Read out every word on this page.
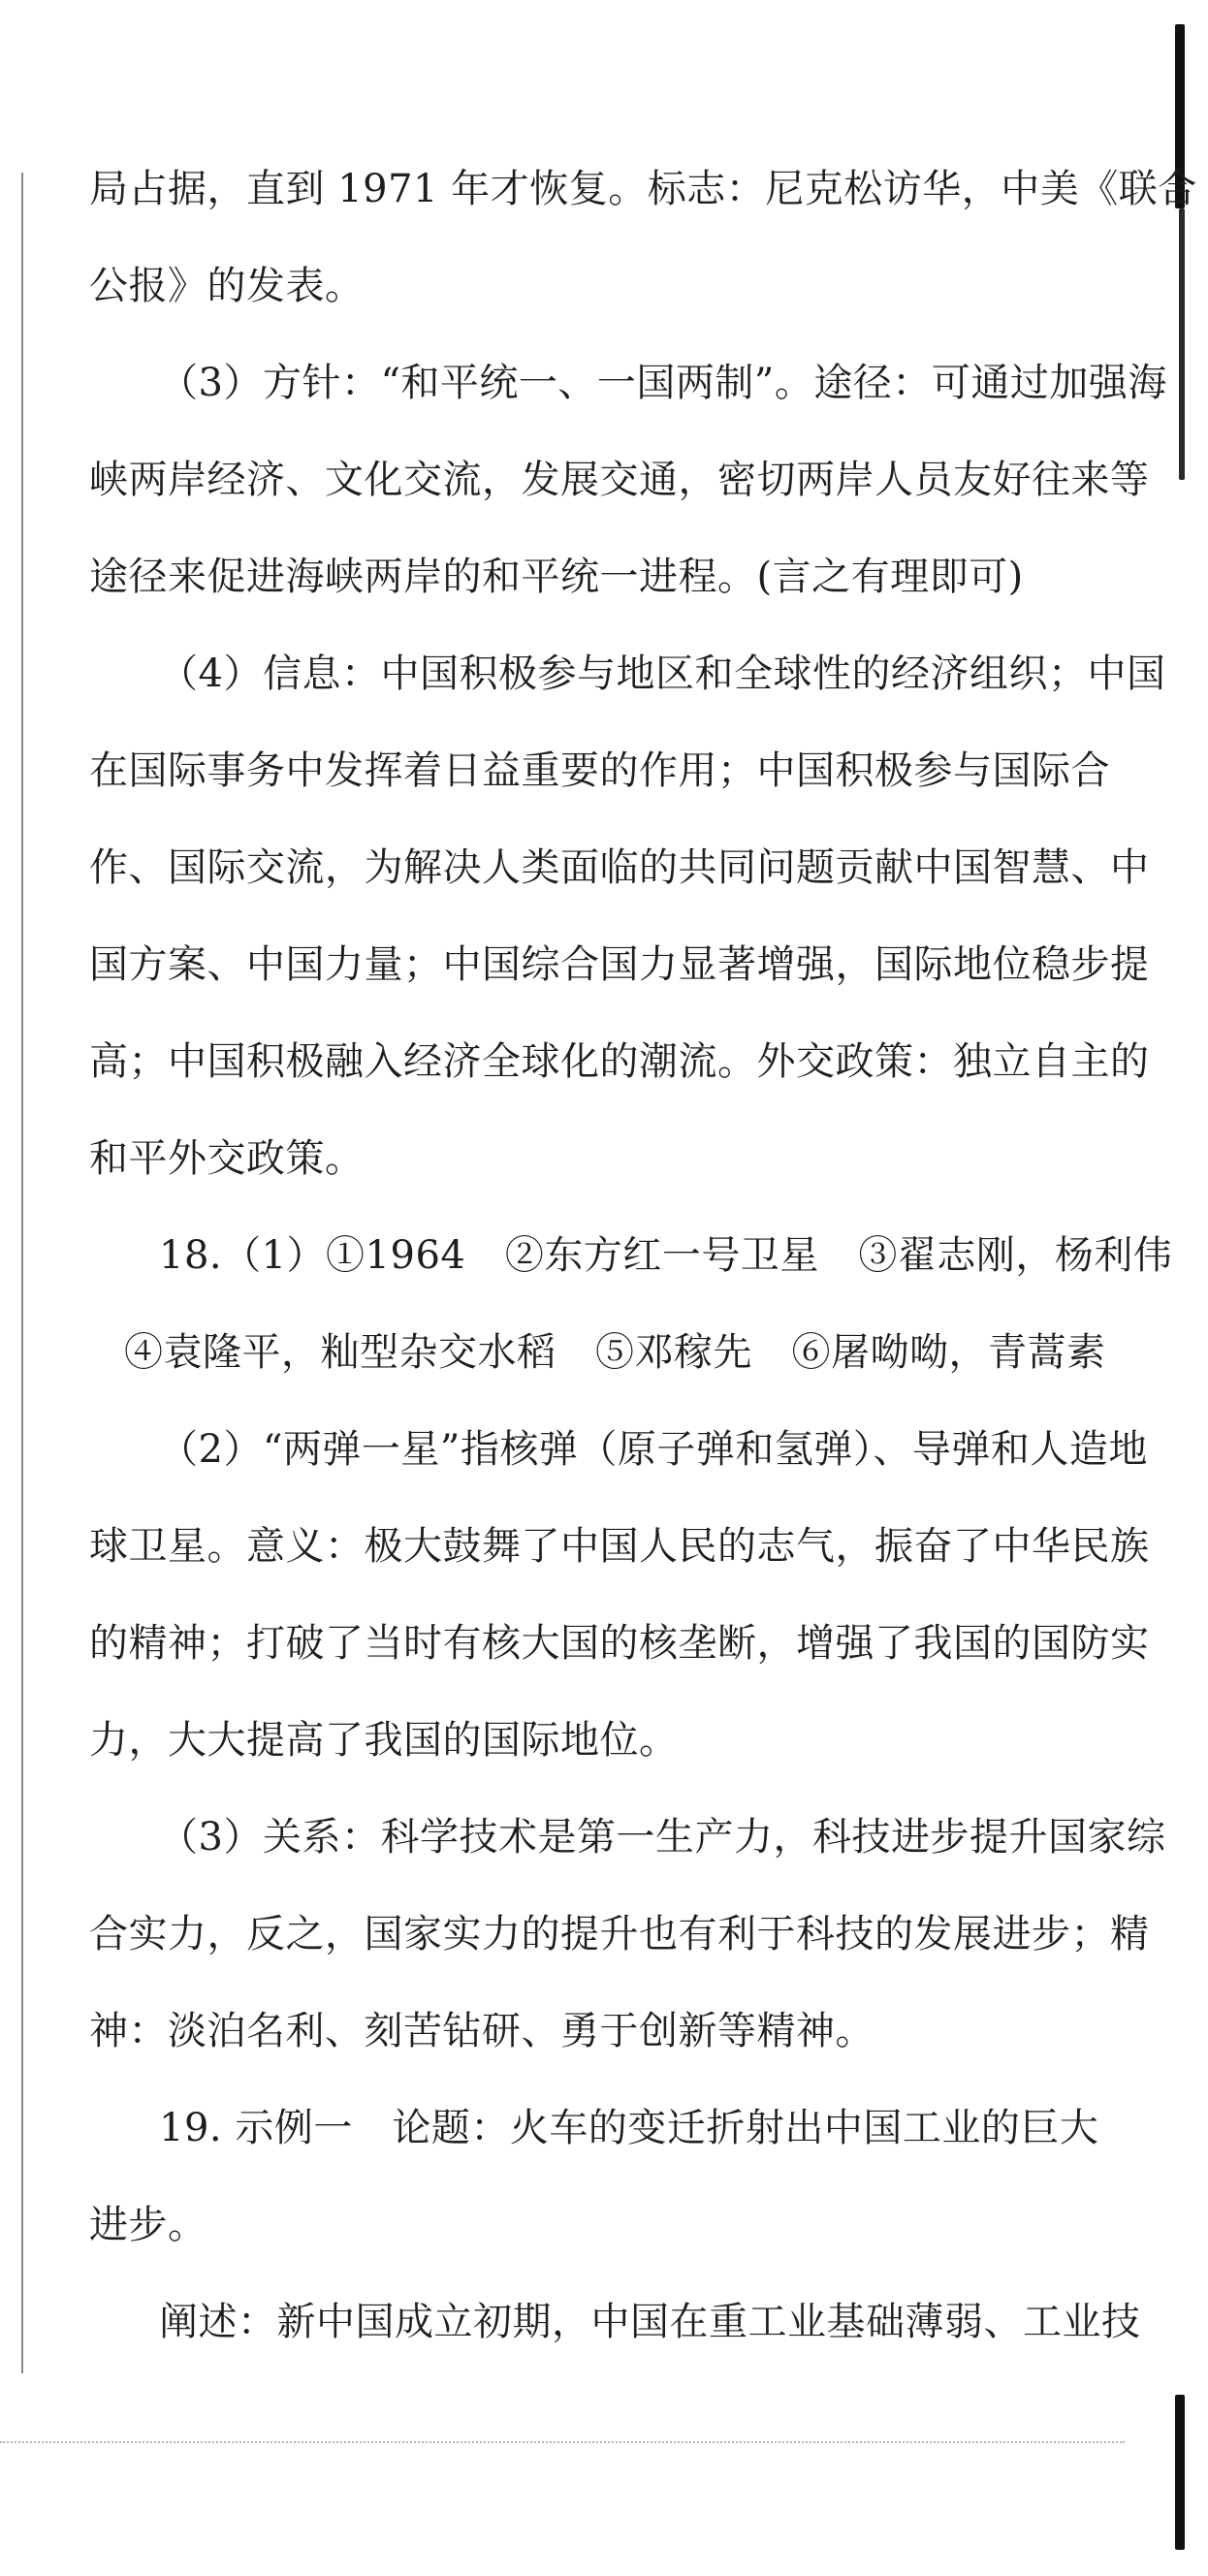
局占据，直到 1971 年才恢复。标志：尼克松访华，中美《联合
公报》的发表。
（3）方针：“和平统一、一国两制”。途径：可通过加强海
峡两岸经济、文化交流，发展交通，密切两岸人员友好往来等
途径来促进海峡两岸的和平统一进程。(言之有理即可)
（4）信息：中国积极参与地区和全球性的经济组织；中国
在国际事务中发挥着日益重要的作用；中国积极参与国际合
作、国际交流，为解决人类面临的共同问题贡献中国智慧、中
国方案、中国力量；中国综合国力显著增强，国际地位稳步提
高；中国积极融入经济全球化的潮流。外交政策：独立自主的
和平外交政策。
18.（1）①1964　②东方红一号卫星　③翟志刚，杨利伟
④袁隆平，籼型杂交水稻　⑤邓稼先　⑥屠呦呦，青蒿素
（2）“两弹一星”指核弹（原子弹和氢弹）、导弹和人造地
球卫星。意义：极大鼓舞了中国人民的志气，振奋了中华民族
的精神；打破了当时有核大国的核垄断，增强了我国的国防实
力，大大提高了我国的国际地位。
（3）关系：科学技术是第一生产力，科技进步提升国家综
合实力，反之，国家实力的提升也有利于科技的发展进步；精
神：淡泊名利、刻苦钻研、勇于创新等精神。
19. 示例一　论题：火车的变迁折射出中国工业的巨大
进步。
阐述：新中国成立初期，中国在重工业基础薄弱、工业技
